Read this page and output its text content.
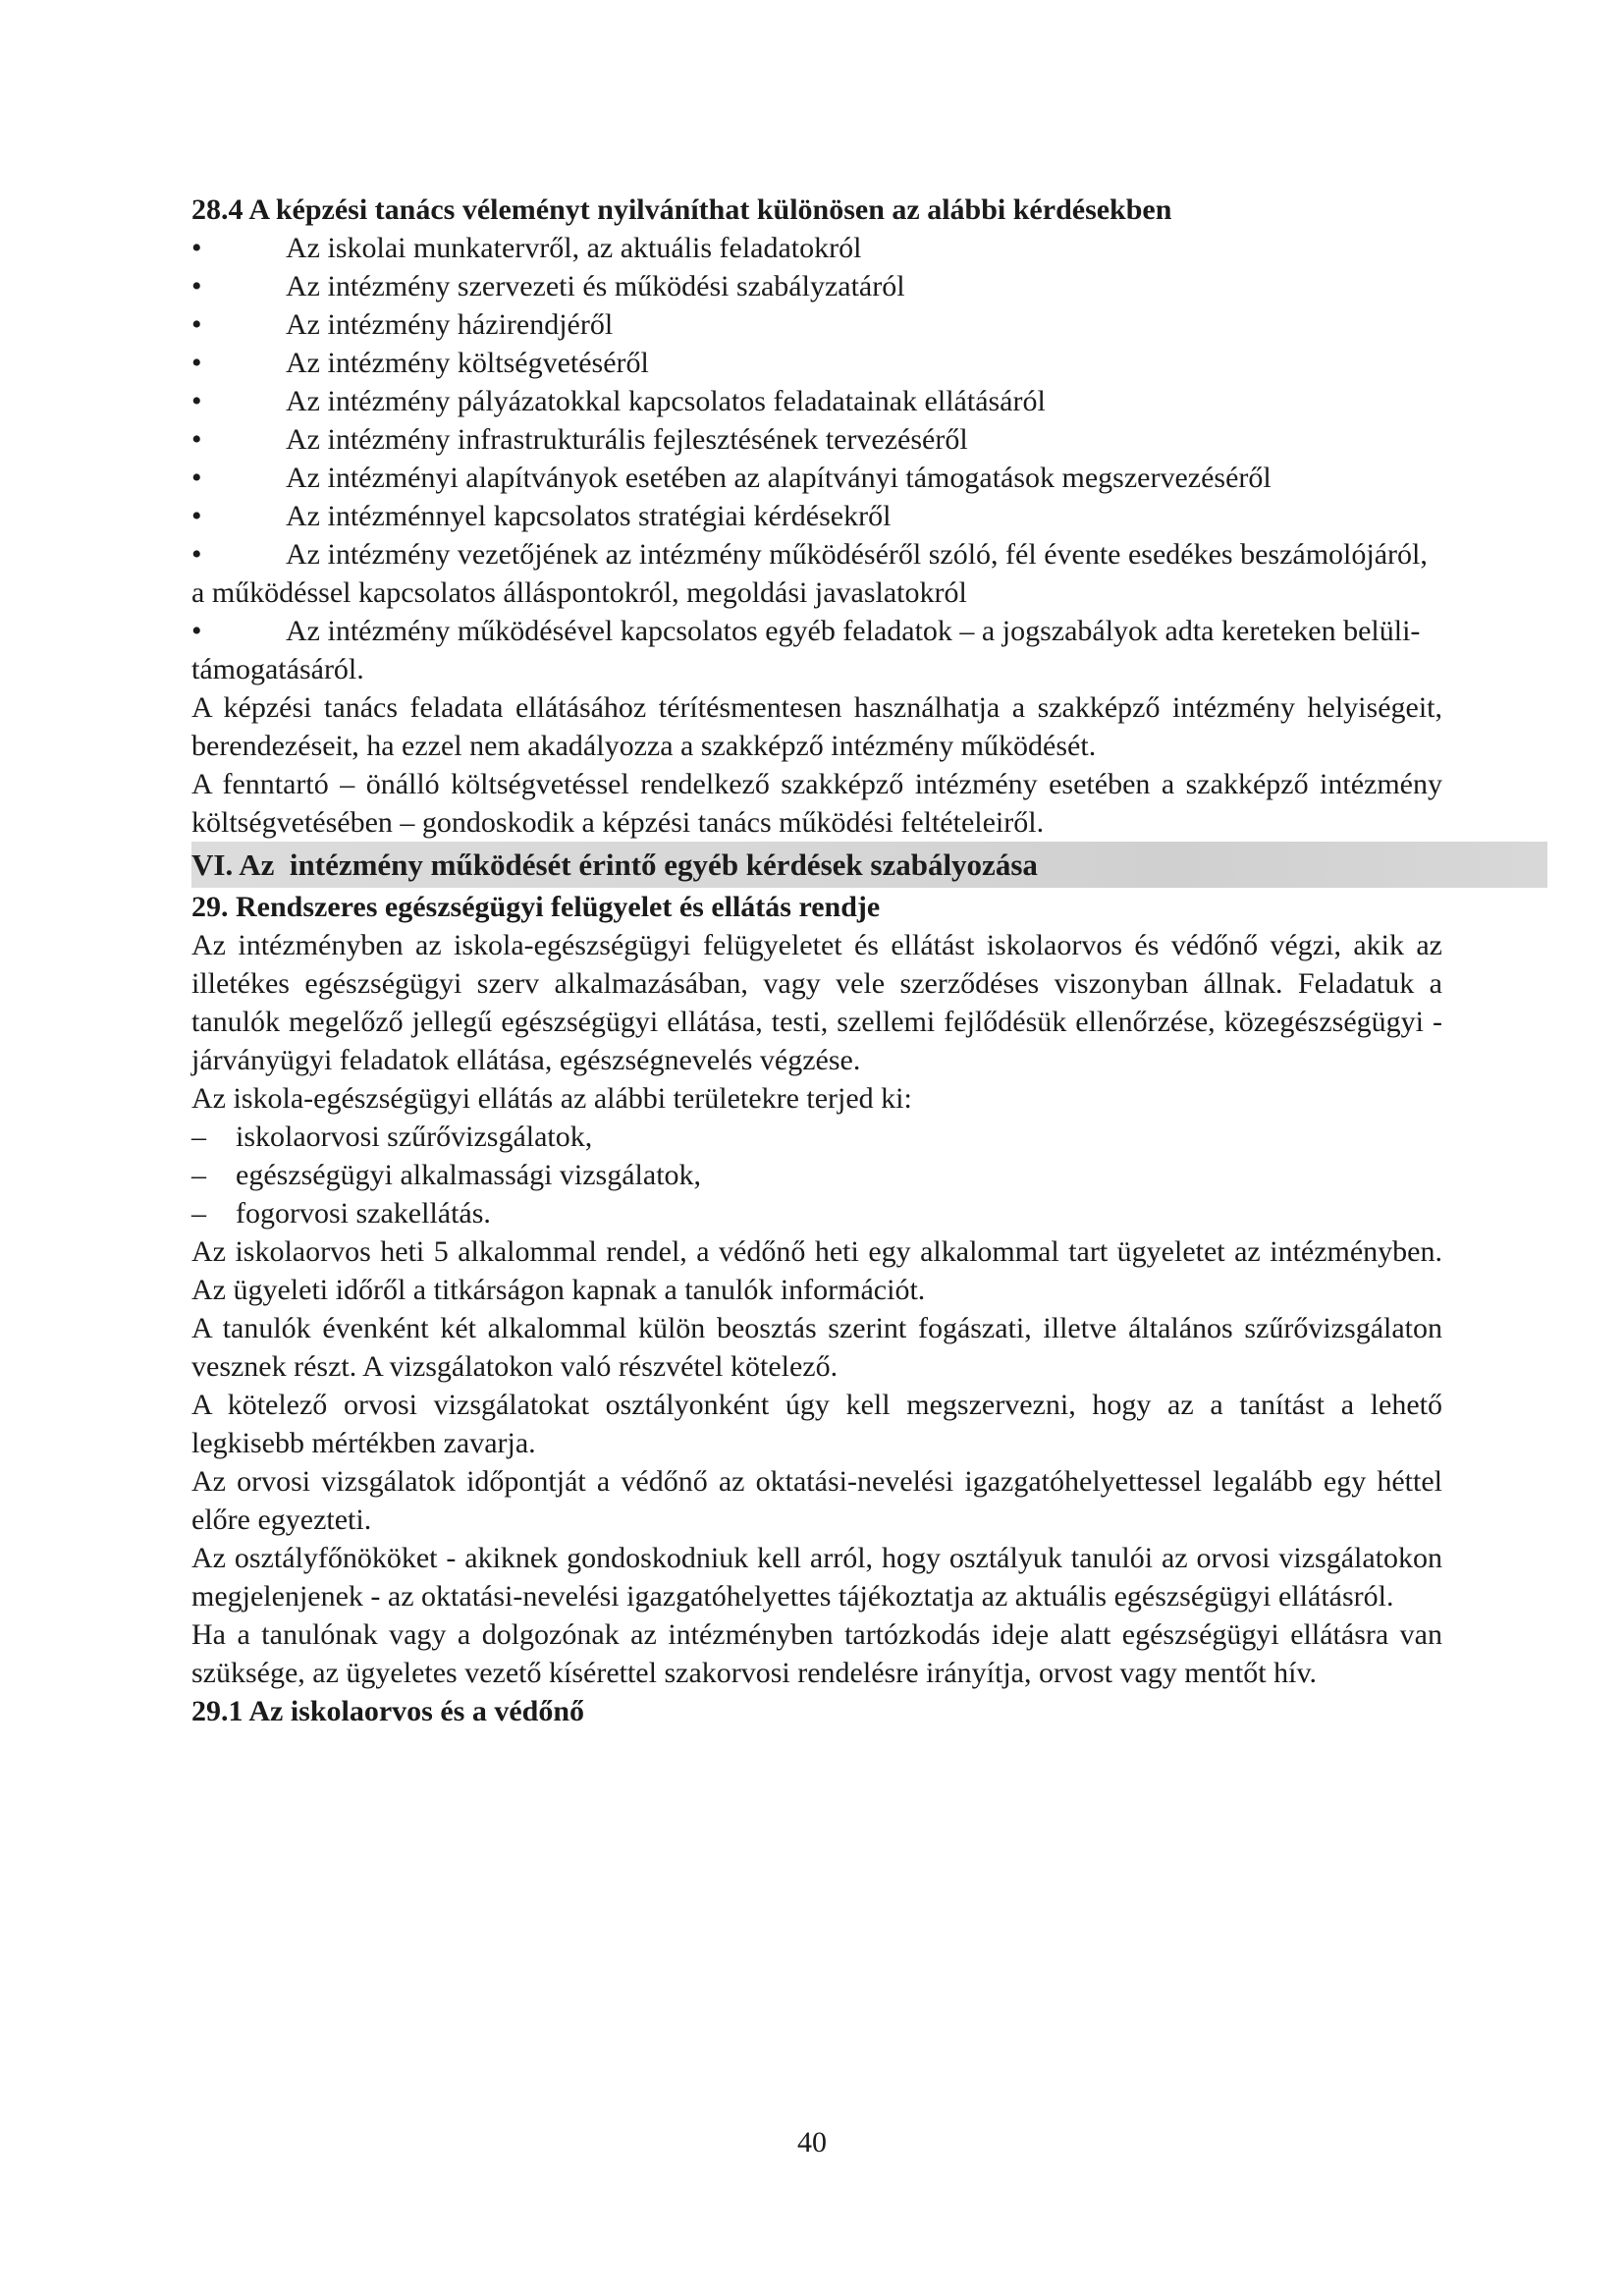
28.4 A képzési tanács véleményt nyilváníthat különösen az alábbi kérdésekben
•	Az iskolai munkatervről, az aktuális feladatokról
•	Az intézmény szervezeti és működési szabályzatáról
•	Az intézmény házirendjéről
•	Az intézmény költségvetéséről
•	Az intézmény pályázatokkal kapcsolatos feladatainak ellátásáról
•	Az intézmény infrastrukturális fejlesztésének tervezéséről
•	Az intézményi alapítványok esetében az alapítványi támogatások megszervezéséről
•	Az intézménnyel kapcsolatos stratégiai kérdésekről
•	Az intézmény vezetőjének az intézmény működéséről szóló, fél évente esedékes beszámolójáról, a működéssel kapcsolatos álláspontokról, megoldási javaslatokról
•	Az intézmény működésével kapcsolatos egyéb feladatok – a jogszabályok adta kereteken belüli- támogatásáról.

A képzési tanács feladata ellátásához térítésmentesen használhatja a szakképző intézmény helyiségeit, berendezéseit, ha ezzel nem akadályozza a szakképző intézmény működését.

A fenntartó – önálló költségvetéssel rendelkező szakképző intézmény esetében a szakképző intézmény költségvetésében – gondoskodik a képzési tanács működési feltételeiről.

VI. Az  intézmény működését érintő egyéb kérdések szabályozása
29. Rendszeres egészségügyi felügyelet és ellátás rendje

Az intézményben az iskola-egészségügyi felügyeletet és ellátást iskolaorvos és védőnő végzi, akik az illetékes egészségügyi szerv alkalmazásában, vagy vele szerződéses viszonyban állnak. Feladatuk a tanulók megelőző jellegű egészségügyi ellátása, testi, szellemi fejlődésük ellenőrzése, közegészségügyi -járványügyi feladatok ellátása, egészségnevelés végzése.

Az iskola-egészségügyi ellátás az alábbi területekre terjed ki:

– iskolaorvosi szűrővizsgálatok,
– egészségügyi alkalmassági vizsgálatok,
– fogorvosi szakellátás.

Az iskolaorvos heti 5 alkalommal rendel, a védőnő heti egy alkalommal tart ügyeletet az intézményben. Az ügyeleti időről a titkárságon kapnak a tanulók információt.

A tanulók évenként két alkalommal külön beosztás szerint fogászati, illetve általános szűrővizsgálaton vesznek részt. A vizsgálatokon való részvétel kötelező.

A kötelező orvosi vizsgálatokat osztályonként úgy kell megszervezni, hogy az a tanítást a lehető legkisebb mértékben zavarja.

Az orvosi vizsgálatok időpontját a védőnő az oktatási-nevelési igazgatóhelyettessel legalább egy héttel előre egyezteti.

Az osztályfőnököket - akiknek gondoskodniuk kell arról, hogy osztályuk tanulói az orvosi vizsgálatokon megjelenjenek - az oktatási-nevelési igazgatóhelyettes tájékoztatja az aktuális egészségügyi ellátásról.

Ha a tanulónak vagy a dolgozónak az intézményben tartózkodás ideje alatt egészségügyi ellátásra van szüksége, az ügyeletes vezető kísérettel szakorvosi rendelésre irányítja, orvost vagy mentőt hív.

29.1 Az iskolaorvos és a védőnő
40
